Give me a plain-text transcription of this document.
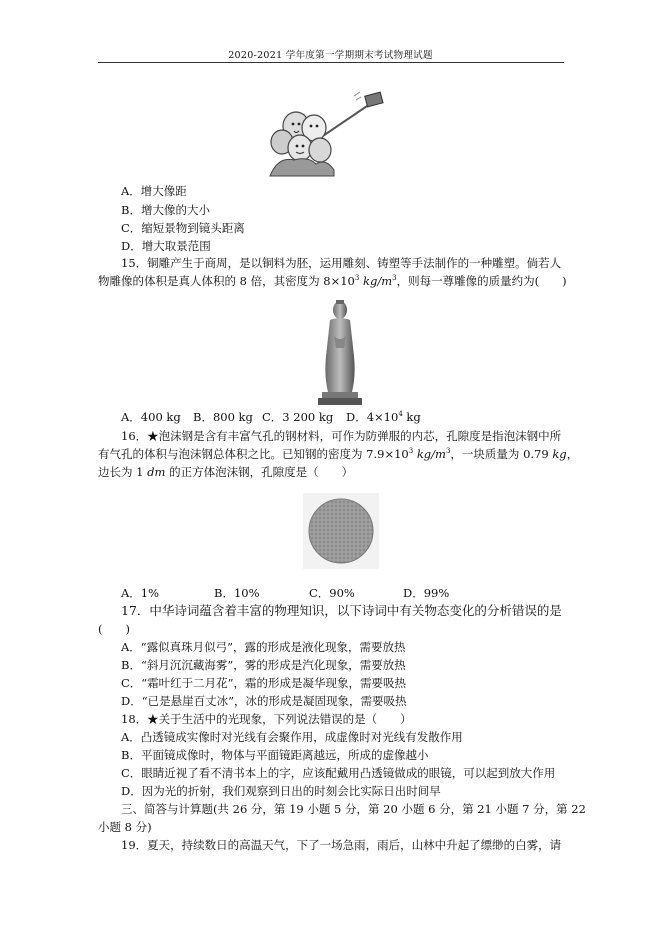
2020-2021 学年度第一学期期末考试物理试题
A．增大像距
B．增大像的大小
C．缩短景物到镜头距离
D．增大取景范围
15．铜雕产生于商周，是以铜料为胚，运用雕刻、铸塑等手法制作的一种雕塑。倘若人
物雕像的体积是真人体积的 8 倍，其密度为 $8\times 10^3$ $kg/m^3$，则每一尊雕像的质量约为(　　)
A．400 kg B．800 kg C．3 200 kg D．$4\times 10^4$ kg
16．★泡沫钢是含有丰富气孔的钢材料，可作为防弹服的内芯，孔隙度是指泡沫钢中所
有气孔的体积与泡沫钢总体积之比。已知钢的密度为 $7.9\times 10^3$ $kg/m^3$，一块质量为 0.79 kg，
边长为 1 dm 的正方体泡沫钢，孔隙度是（　　）
A．1%	B．10%	C．90%	D．99%
17．中华诗词蕴含着丰富的物理知识，以下诗词中有关物态变化的分析错误的是
(　　)
A．“露似真珠月似弓”，露的形成是液化现象，需要放热
B．“斜月沉沉藏海雾”，雾的形成是汽化现象，需要放热
C．“霜叶红于二月花”，霜的形成是凝华现象，需要吸热
D．“已是悬崖百丈冰”，冰的形成是凝固现象，需要吸热
18．★关于生活中的光现象，下列说法错误的是（　　）
A．凸透镜成实像时对光线有会聚作用，成虚像时对光线有发散作用
B．平面镜成像时，物体与平面镜距离越远，所成的虚像越小
C．眼睛近视了看不清书本上的字，应该配戴用凸透镜做成的眼镜，可以起到放大作用
D．因为光的折射，我们观察到日出的时刻会比实际日出时间早
三、简答与计算题(共 26 分，第 19 小题 5 分，第 20 小题 6 分，第 21 小题 7 分，第 22
小题 8 分)
19．夏天，持续数日的高温天气，下了一场急雨，雨后，山林中升起了缥缈的白雾，请
